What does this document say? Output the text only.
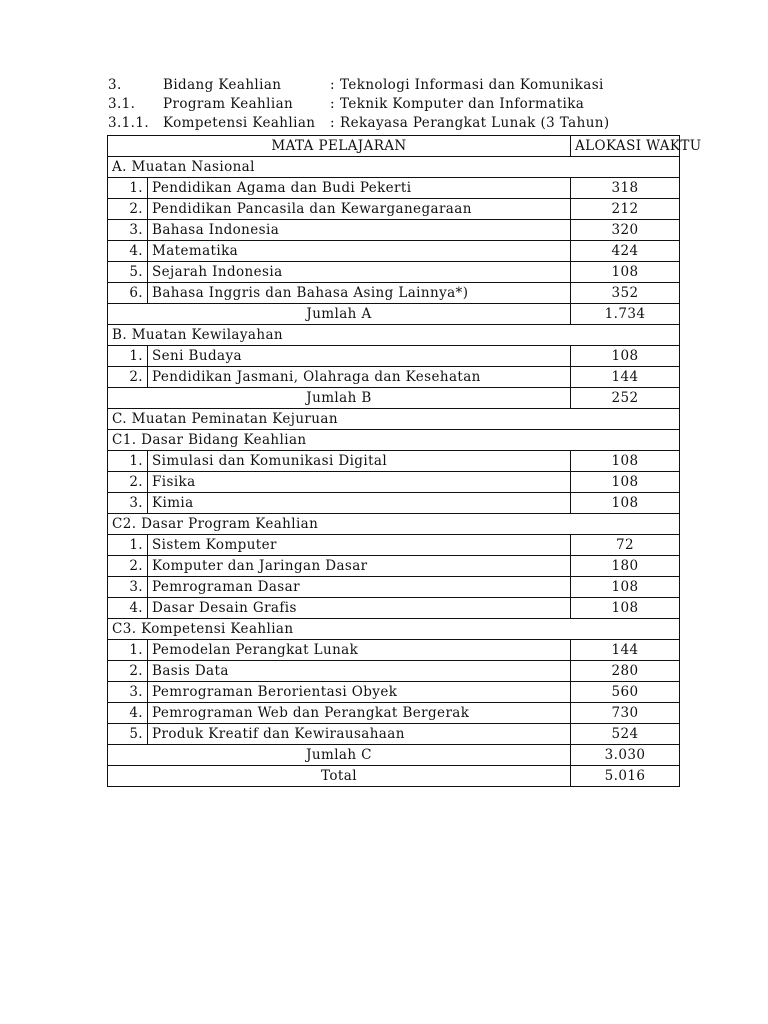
3.	Bidang Keahlian	: Teknologi Informasi dan Komunikasi
3.1.	Program Keahlian	: Teknik Komputer dan Informatika
3.1.1.	Kompetensi Keahlian	: Rekayasa Perangkat Lunak (3 Tahun)
MATA PELAJARAN		ALOKASI WAKTU
A. Muatan Nasional		
1.	Pendidikan Agama dan Budi Pekerti	318
2.	Pendidikan Pancasila dan Kewarganegaraan	212
3.	Bahasa Indonesia	320
4.	Matematika	424
5.	Sejarah Indonesia	108
6.	Bahasa Inggris dan Bahasa Asing Lainnya*)	352
Jumlah A		1.734
B. Muatan Kewilayahan		
1.	Seni Budaya	108
2.	Pendidikan Jasmani, Olahraga dan Kesehatan	144
Jumlah B		252
C. Muatan Peminatan Kejuruan		
C1. Dasar Bidang Keahlian		
1.	Simulasi dan Komunikasi Digital	108
2.	Fisika	108
3.	Kimia	108
C2. Dasar Program Keahlian		
1.	Sistem Komputer	72
2.	Komputer dan Jaringan Dasar	180
3.	Pemrograman Dasar	108
4.	Dasar Desain Grafis	108
C3. Kompetensi Keahlian		
1.	Pemodelan Perangkat Lunak	144
2.	Basis Data	280
3.	Pemrograman Berorientasi Obyek	560
4.	Pemrograman Web dan Perangkat Bergerak	730
5.	Produk Kreatif dan Kewirausahaan	524
Jumlah C		3.030
Total		5.016
